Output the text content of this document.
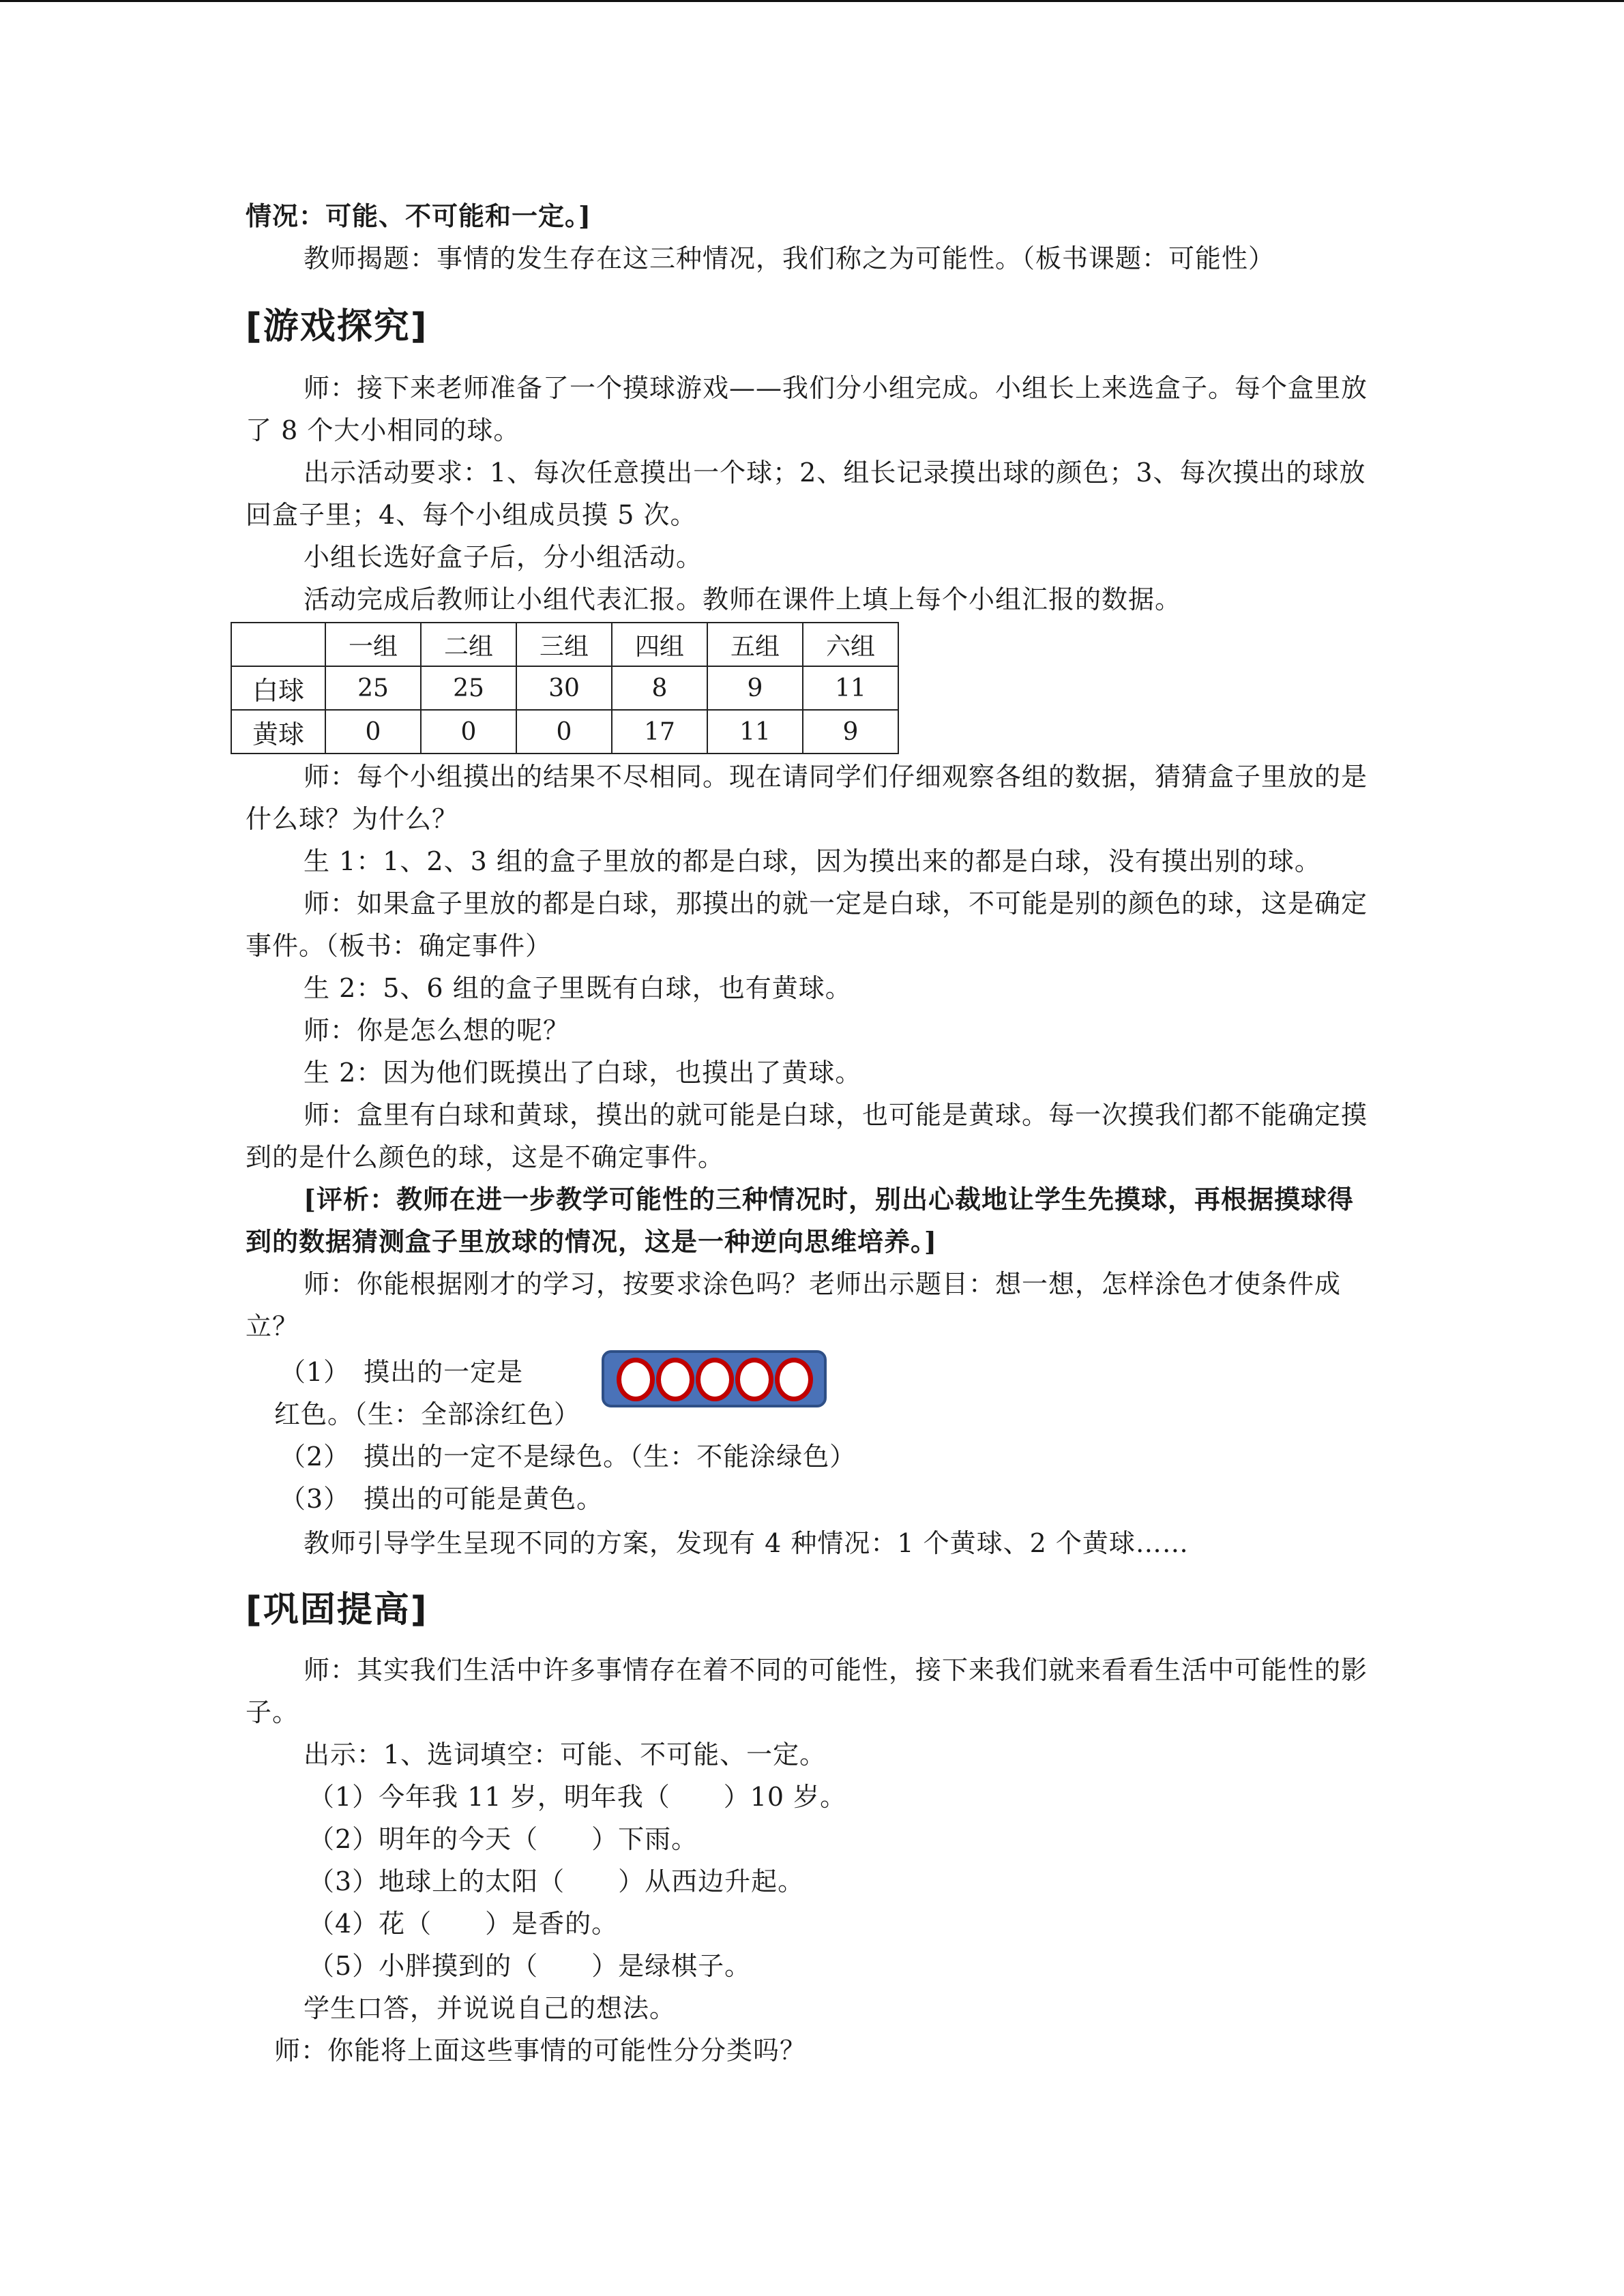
情况：可能、不可能和一定。]

教师揭题：事情的发生存在这三种情况，我们称之为可能性。（板书课题：可能性）

[游戏探究]

师：接下来老师准备了一个摸球游戏——我们分小组完成。小组长上来选盒子。每个盒里放了 8 个大小相同的球。

出示活动要求：1、每次任意摸出一个球；2、组长记录摸出球的颜色；3、每次摸出的球放回盒子里；4、每个小组成员摸 5 次。

小组长选好盒子后，分小组活动。

活动完成后教师让小组代表汇报。教师在课件上填上每个小组汇报的数据。

	一组	二组	三组	四组	五组	六组
白球	25	25	30	8	9	11
黄球	0	0	0	17	11	9

师：每个小组摸出的结果不尽相同。现在请同学们仔细观察各组的数据，猜猜盒子里放的是什么球？为什么？

生 1：1、2、3 组的盒子里放的都是白球，因为摸出来的都是白球，没有摸出别的球。

师：如果盒子里放的都是白球，那摸出的就一定是白球，不可能是别的颜色的球，这是确定事件。（板书：确定事件）

生 2：5、6 组的盒子里既有白球，也有黄球。

师：你是怎么想的呢？

生 2：因为他们既摸出了白球，也摸出了黄球。

师：盒里有白球和黄球，摸出的就可能是白球，也可能是黄球。每一次摸我们都不能确定摸到的是什么颜色的球，这是不确定事件。

[评析：教师在进一步教学可能性的三种情况时，别出心裁地让学生先摸球，再根据摸球得到的数据猜测盒子里放球的情况，这是一种逆向思维培养。]

师：你能根据刚才的学习，按要求涂色吗？老师出示题目：想一想，怎样涂色才使条件成立？

（1）　摸出的一定是
红色。（生：全部涂红色）
（2）　摸出的一定不是绿色。（生：不能涂绿色）
（3）　摸出的可能是黄色。

教师引导学生呈现不同的方案，发现有 4 种情况：1 个黄球、2 个黄球……

[巩固提高]

师：其实我们生活中许多事情存在着不同的可能性，接下来我们就来看看生活中可能性的影子。

出示：1、选词填空：可能、不可能、一定。

（1）今年我 11 岁，明年我（　　）10 岁。
（2）明年的今天（　　）下雨。
（3）地球上的太阳（　　）从西边升起。
（4）花（　　）是香的。
（5）小胖摸到的（　　）是绿棋子。

学生口答，并说说自己的想法。

师：你能将上面这些事情的可能性分分类吗？
